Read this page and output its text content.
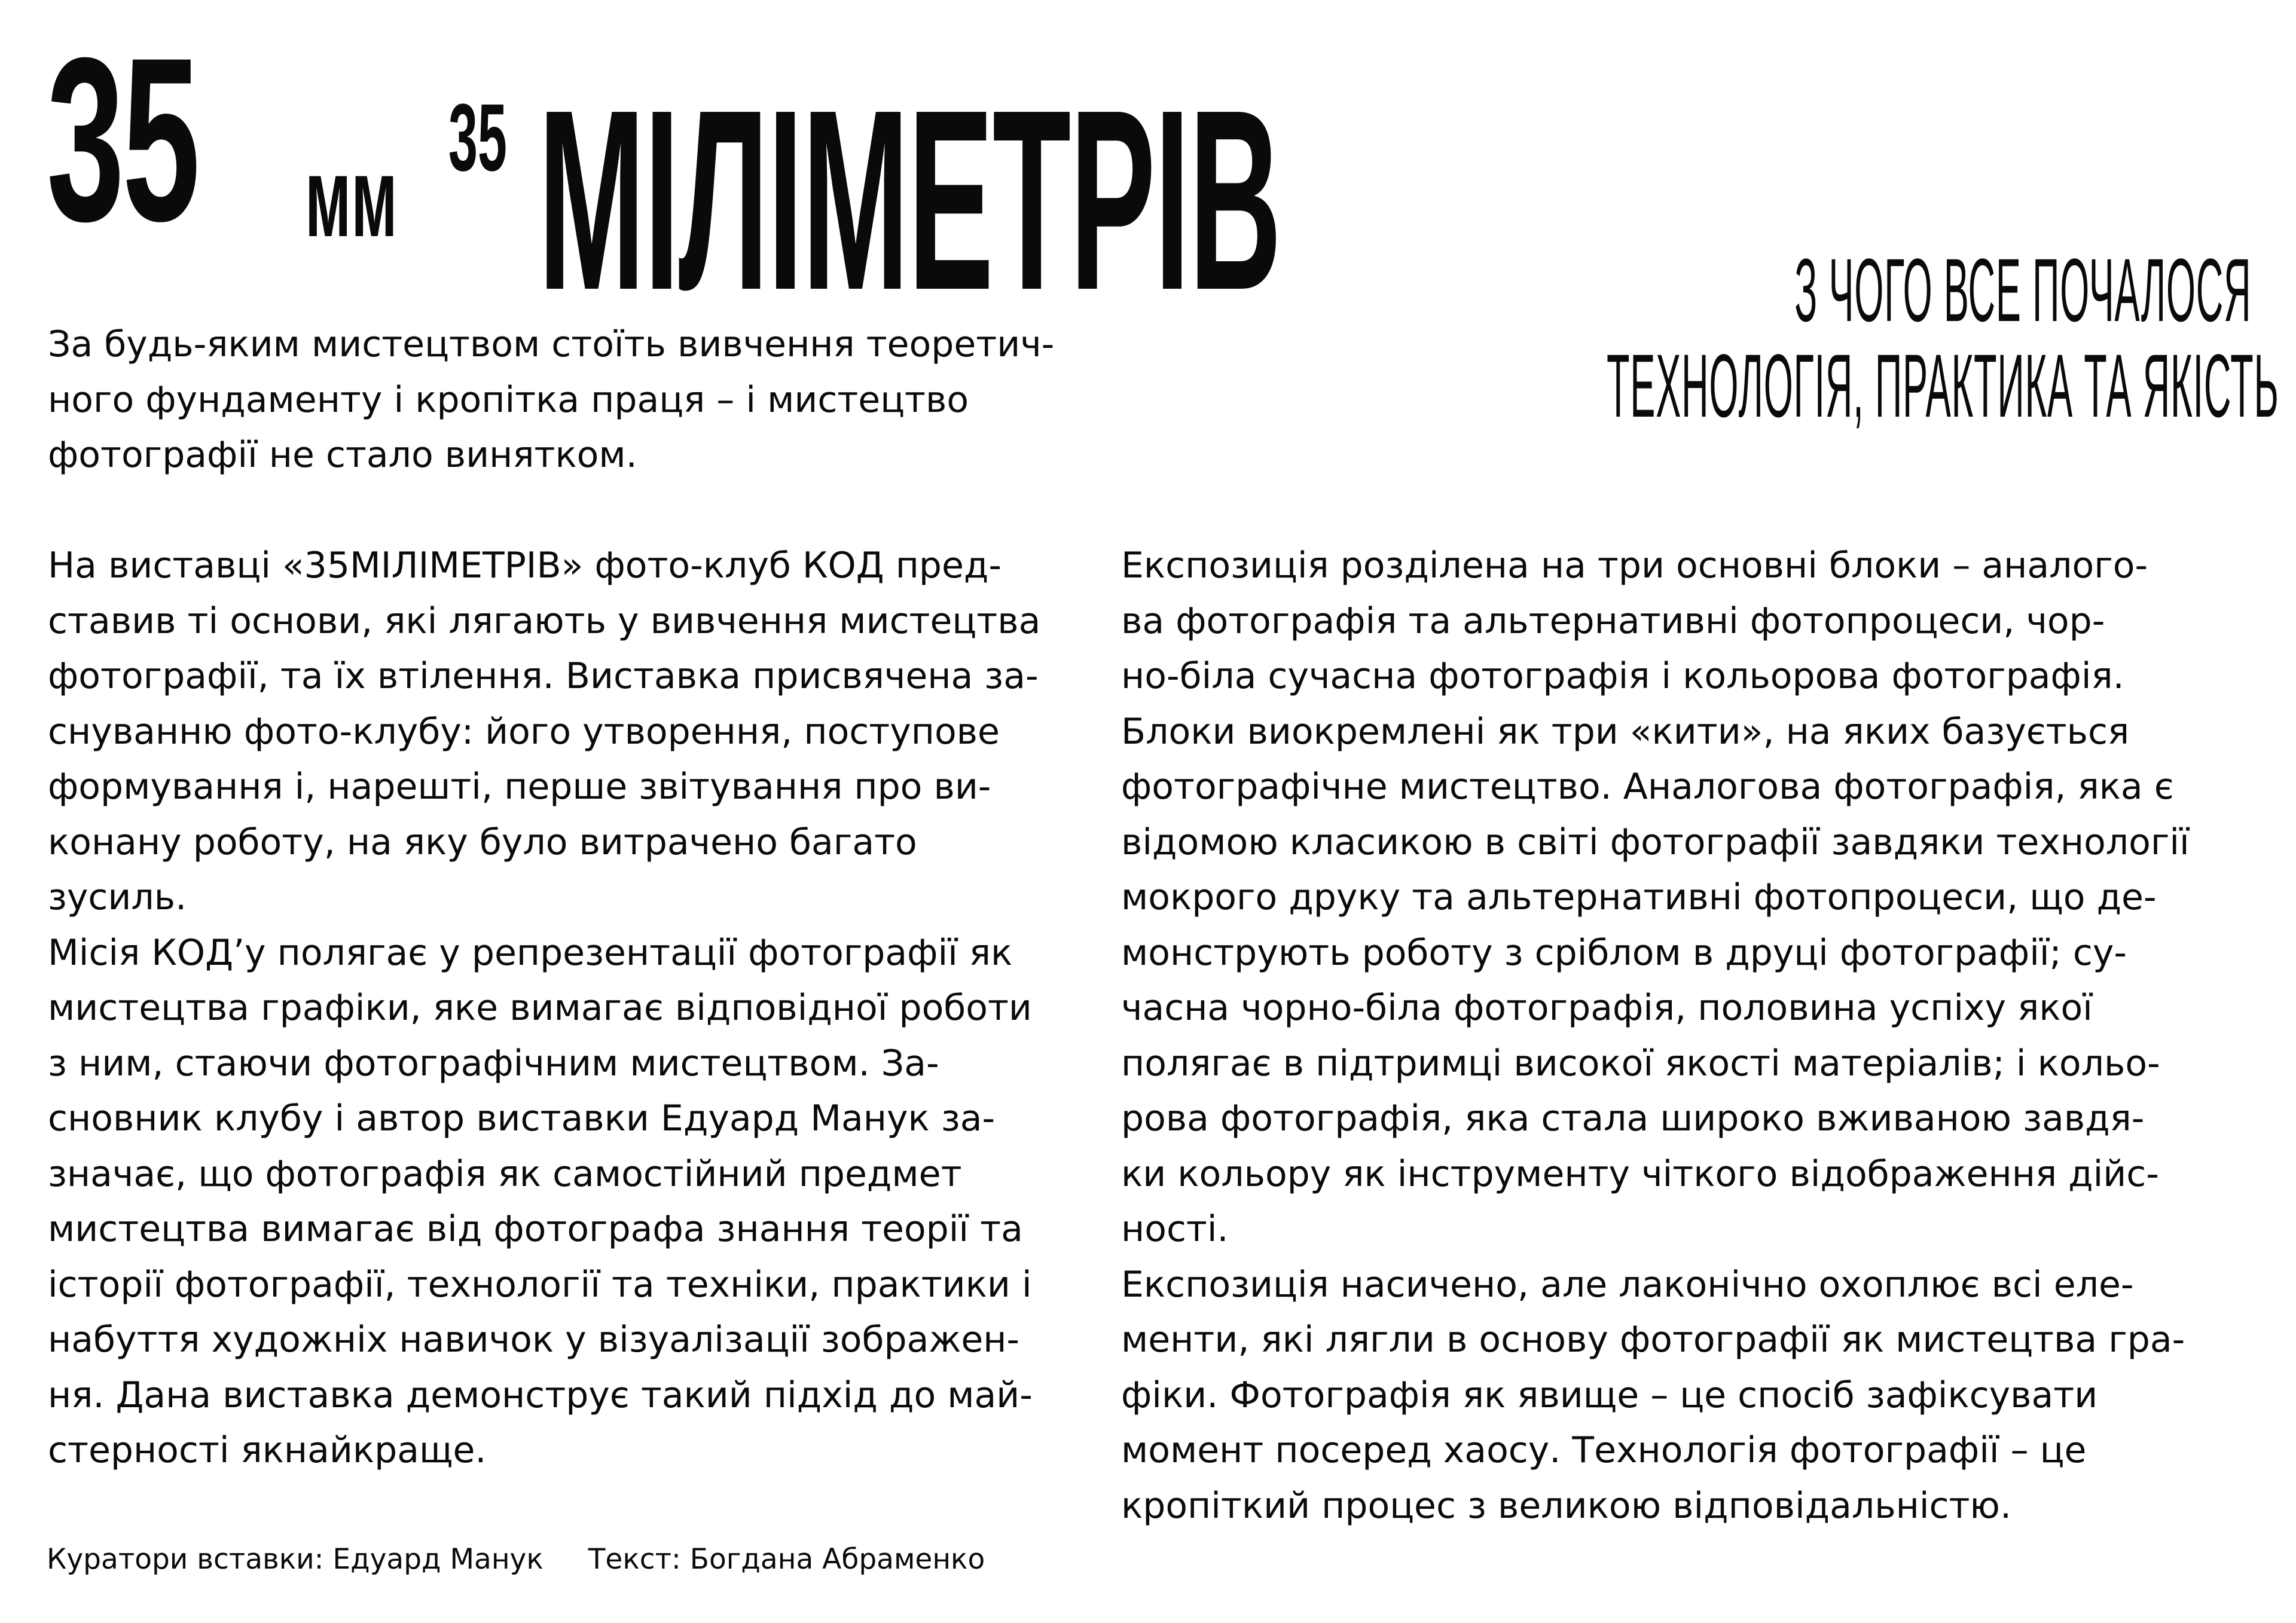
35 мм 35 МІЛІМЕТРІВ	З ЧОГО ВСЕ ПОЧАЛОСЯ
ТЕХНОЛОГІЯ, ПРАКТИКА ТА ЯКІСТЬ
За будь-яким мистецтвом стоїть вивчення теоретич-
ного фундаменту і кропітка праця – і мистецтво
фотографії не стало винятком.
На виставці «35МІЛІМЕТРІВ» фото-клуб КОД пред-
ставив ті основи, які лягають у вивчення мистецтва
фотографії, та їх втілення. Виставка присвячена за-
снуванню фото-клубу: його утворення, поступове
формування і, нарешті, перше звітування про ви-
конану роботу, на яку було витрачено багато
зусиль.
Місія КОД’у полягає у репрезентації фотографії як
мистецтва графіки, яке вимагає відповідної роботи
з ним, стаючи фотографічним мистецтвом. За-
сновник клубу і автор виставки Едуард Манук за-
значає, що фотографія як самостійний предмет
мистецтва вимагає від фотографа знання теорії та
історії фотографії, технології та техніки, практики і
набуття художніх навичок у візуалізації зображен-
ня. Дана виставка демонструє такий підхід до май-
стерності якнайкраще.
Експозиція розділена на три основні блоки – аналого-
ва фотографія та альтернативні фотопроцеси, чор-
но-біла сучасна фотографія і кольорова фотографія.
Блоки виокремлені як три «кити», на яких базується
фотографічне мистецтво. Аналогова фотографія, яка є
відомою класикою в світі фотографії завдяки технології
мокрого друку та альтернативні фотопроцеси, що де-
монструють роботу з сріблом в друці фотографії; су-
часна чорно-біла фотографія, половина успіху якої
полягає в підтримці високої якості матеріалів; і кольо-
рова фотографія, яка стала широко вживаною завдя-
ки кольору як інструменту чіткого відображення дійс-
ності.
Експозиція насичено, але лаконічно охоплює всі еле-
менти, які лягли в основу фотографії як мистецтва гра-
фіки. Фотографія як явище – це спосіб зафіксувати
момент посеред хаосу. Технологія фотографії – це
кропіткий процес з великою відповідальністю.
Куратори вставки: Едуард Манук Текст: Богдана Абраменко
